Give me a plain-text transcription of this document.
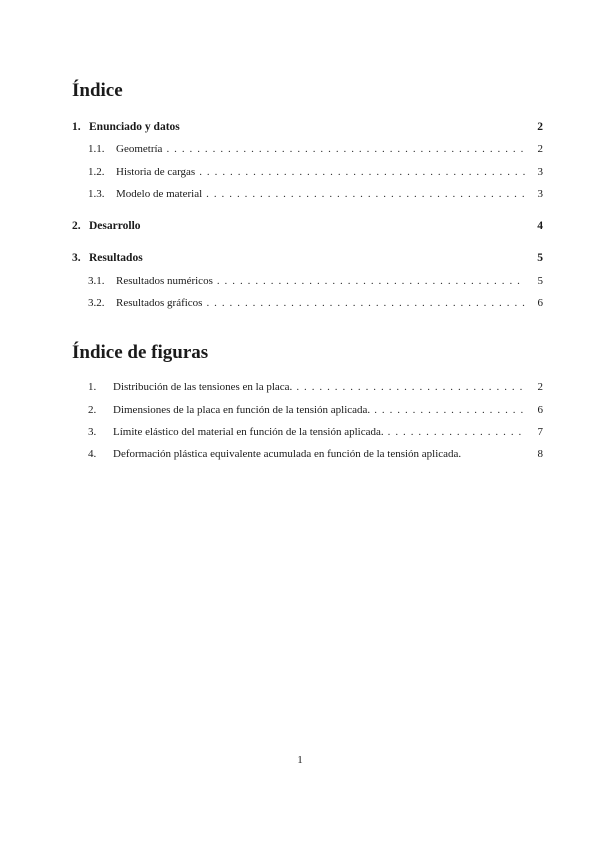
Índice
1. Enunciado y datos	2
1.1.	Geometría . . .	2
1.2.	Historia de cargas . . .	3
1.3.	Modelo de material . . .	3
2. Desarrollo	4
3. Resultados	5
3.1.	Resultados numéricos . . .	5
3.2.	Resultados gráficos . . .	6
Índice de figuras
1.	Distribución de las tensiones en la placa. . . .	2
2.	Dimensiones de la placa en función de la tensión aplicada. . . .	6
3.	Límite elástico del material en función de la tensión aplicada. . . .	7
4.	Deformación plástica equivalente acumulada en función de la tensión aplicada.	8
1
